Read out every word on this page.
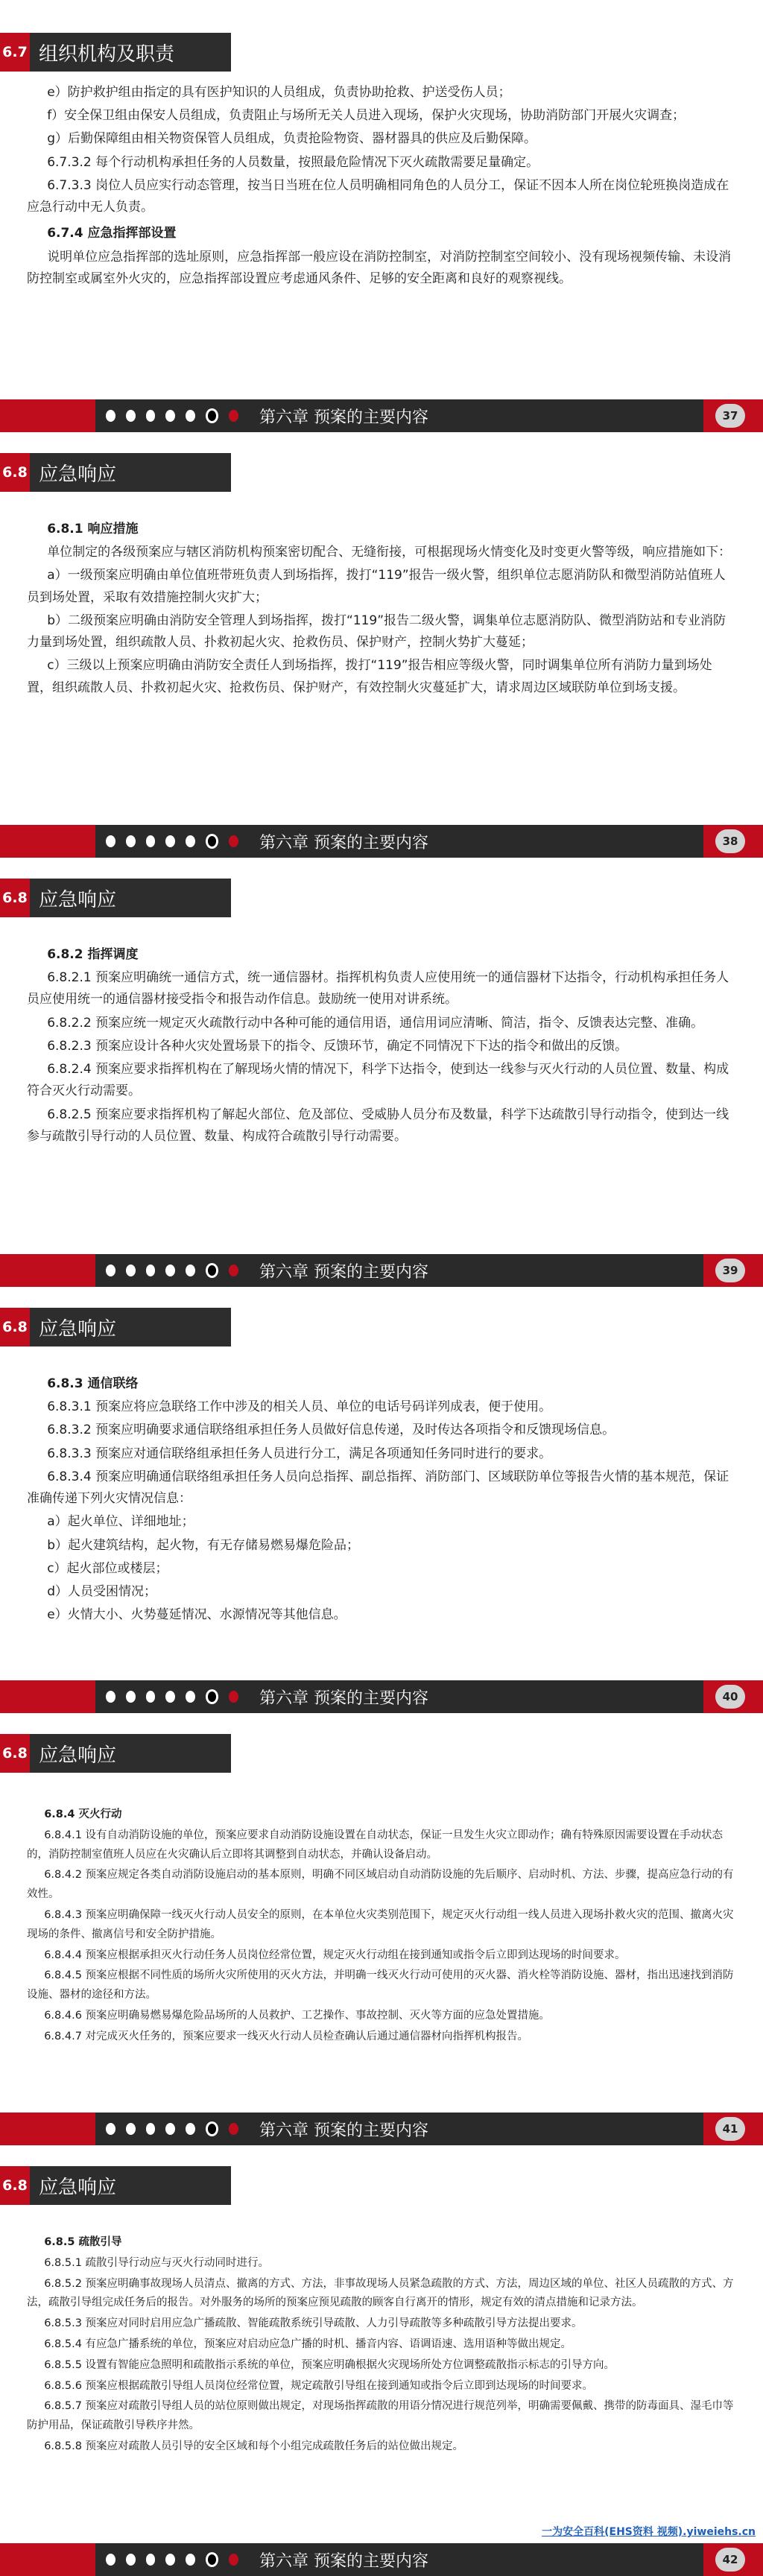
6.7 组织机构及职责

e）防护救护组由指定的具有医护知识的人员组成，负责协助抢救、护送受伤人员；

f）安全保卫组由保安人员组成，负责阻止与场所无关人员进入现场，保护火灾现场，协助消防部门开展火灾调查；

g）后勤保障组由相关物资保管人员组成，负责抢险物资、器材器具的供应及后勤保障。

6.7.3.2 每个行动机构承担任务的人员数量，按照最危险情况下灭火疏散需要足量确定。

6.7.3.3 岗位人员应实行动态管理，按当日当班在位人员明确相同角色的人员分工，保证不因本人所在岗位轮班换岗造成在应急行动中无人负责。

6.7.4 应急指挥部设置

说明单位应急指挥部的选址原则，应急指挥部一般应设在消防控制室，对消防控制室空间较小、没有现场视频传输、未设消防控制室或属室外火灾的，应急指挥部设置应考虑通风条件、足够的安全距离和良好的观察视线。

第六章 预案的主要内容	37
6.8 应急响应

6.8.1 响应措施

单位制定的各级预案应与辖区消防机构预案密切配合、无缝衔接，可根据现场火情变化及时变更火警等级，响应措施如下：

a）一级预案应明确由单位值班带班负责人到场指挥，拨打“119”报告一级火警，组织单位志愿消防队和微型消防站值班人员到场处置，采取有效措施控制火灾扩大；

b）二级预案应明确由消防安全管理人到场指挥，拨打“119”报告二级火警，调集单位志愿消防队、微型消防站和专业消防力量到场处置，组织疏散人员、扑救初起火灾、抢救伤员、保护财产，控制火势扩大蔓延；

c）三级以上预案应明确由消防安全责任人到场指挥，拨打“119”报告相应等级火警，同时调集单位所有消防力量到场处置，组织疏散人员、扑救初起火灾、抢救伤员、保护财产，有效控制火灾蔓延扩大，请求周边区域联防单位到场支援。

第六章 预案的主要内容	38
6.8 应急响应

6.8.2 指挥调度

6.8.2.1 预案应明确统一通信方式，统一通信器材。指挥机构负责人应使用统一的通信器材下达指令，行动机构承担任务人员应使用统一的通信器材接受指令和报告动作信息。鼓励统一使用对讲系统。

6.8.2.2 预案应统一规定灭火疏散行动中各种可能的通信用语，通信用词应清晰、简洁，指令、反馈表达完整、准确。

6.8.2.3 预案应设计各种火灾处置场景下的指令、反馈环节，确定不同情况下下达的指令和做出的反馈。

6.8.2.4 预案应要求指挥机构在了解现场火情的情况下，科学下达指令，使到达一线参与灭火行动的人员位置、数量、构成符合灭火行动需要。

6.8.2.5 预案应要求指挥机构了解起火部位、危及部位、受威胁人员分布及数量，科学下达疏散引导行动指令，使到达一线参与疏散引导行动的人员位置、数量、构成符合疏散引导行动需要。

第六章 预案的主要内容	39
6.8 应急响应

6.8.3 通信联络

6.8.3.1 预案应将应急联络工作中涉及的相关人员、单位的电话号码详列成表，便于使用。

6.8.3.2 预案应明确要求通信联络组承担任务人员做好信息传递，及时传达各项指令和反馈现场信息。

6.8.3.3 预案应对通信联络组承担任务人员进行分工，满足各项通知任务同时进行的要求。

6.8.3.4 预案应明确通信联络组承担任务人员向总指挥、副总指挥、消防部门、区域联防单位等报告火情的基本规范，保证准确传递下列火灾情况信息：

a）起火单位、详细地址；

b）起火建筑结构，起火物，有无存储易燃易爆危险品；

c）起火部位或楼层；

d）人员受困情况；

e）火情大小、火势蔓延情况、水源情况等其他信息。

第六章 预案的主要内容	40
6.8 应急响应

6.8.4 灭火行动

6.8.4.1 设有自动消防设施的单位，预案应要求自动消防设施设置在自动状态，保证一旦发生火灾立即动作；确有特殊原因需要设置在手动状态的，消防控制室值班人员应在火灾确认后立即将其调整到自动状态，并确认设备启动。

6.8.4.2 预案应规定各类自动消防设施启动的基本原则，明确不同区域启动自动消防设施的先后顺序、启动时机、方法、步骤，提高应急行动的有效性。

6.8.4.3 预案应明确保障一线灭火行动人员安全的原则，在本单位火灾类别范围下，规定灭火行动组一线人员进入现场扑救火灾的范围、撤离火灾现场的条件、撤离信号和安全防护措施。

6.8.4.4 预案应根据承担灭火行动任务人员岗位经常位置，规定灭火行动组在接到通知或指令后立即到达现场的时间要求。

6.8.4.5 预案应根据不同性质的场所火灾所使用的灭火方法，并明确一线灭火行动可使用的灭火器、消火栓等消防设施、器材，指出迅速找到消防设施、器材的途径和方法。

6.8.4.6 预案应明确易燃易爆危险品场所的人员救护、工艺操作、事故控制、灭火等方面的应急处置措施。

6.8.4.7 对完成灭火任务的，预案应要求一线灭火行动人员检查确认后通过通信器材向指挥机构报告。

第六章 预案的主要内容	41
6.8 应急响应

6.8.5 疏散引导

6.8.5.1 疏散引导行动应与灭火行动同时进行。

6.8.5.2 预案应明确事故现场人员清点、撤离的方式、方法，非事故现场人员紧急疏散的方式、方法，周边区域的单位、社区人员疏散的方式、方法，疏散引导组完成任务后的报告。对外服务的场所的预案应预见疏散的顾客自行离开的情形，规定有效的清点措施和记录方法。

6.8.5.3 预案应对同时启用应急广播疏散、智能疏散系统引导疏散、人力引导疏散等多种疏散引导方法提出要求。

6.8.5.4 有应急广播系统的单位，预案应对启动应急广播的时机、播音内容、语调语速、选用语种等做出规定。

6.8.5.5 设置有智能应急照明和疏散指示系统的单位，预案应明确根据火灾现场所处方位调整疏散指示标志的引导方向。

6.8.5.6 预案应根据疏散引导组人员岗位经常位置，规定疏散引导组在接到通知或指令后立即到达现场的时间要求。

6.8.5.7 预案应对疏散引导组人员的站位原则做出规定，对现场指挥疏散的用语分情况进行规范列举，明确需要佩戴、携带的防毒面具、湿毛巾等防护用品，保证疏散引导秩序井然。

6.8.5.8 预案应对疏散人员引导的安全区域和每个小组完成疏散任务后的站位做出规定。

一为安全百科(EHS资料 视频).yiweiehs.cn
第六章 预案的主要内容	42
